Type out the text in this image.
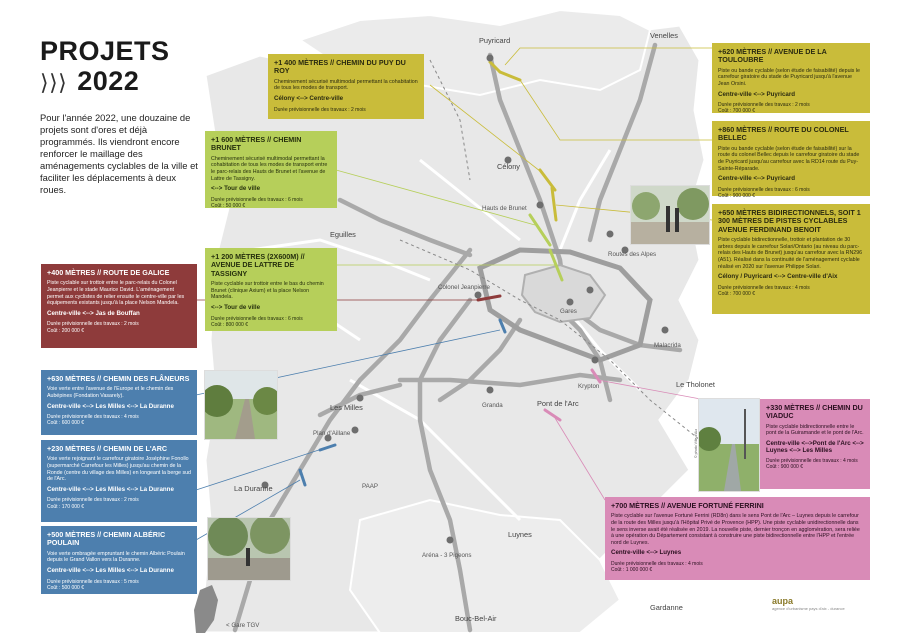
PROJETS
⟩⟩⟩ 2022
Pour l'année 2022, une douzaine de projets sont d'ores et déjà programmés. Ils viendront encore renforcer le maillage des aménagements cyclables de la ville et faciliter les déplacements à deux roues.
Puyricard
Venelles
Célony
Hauts de Brunet
Eguilles
Colonel Jeanpierre
Routes des Alpes
Gares
Malacrida
Le Tholonet
Krypton
Pont de l'Arc
Les Milles	Granda
Plan d'Aillane
La Duranne	PAAP
Luynes
Aréna - 3 Pigeons
Bouc-Bel-Air
Gardanne
< Gare TGV
+1 400 MÈTRES // CHEMIN DU PUY DU ROY
Cheminement sécurisé multimodal permettant la cohabitation de tous les modes de transport.
Célony <--> Centre-ville
Durée prévisionnelle des travaux : 2 mois
+1 600 MÈTRES // CHEMIN BRUNET
Cheminement sécurisé multimodal permettant la cohabitation de tous les modes de transport entre le parc-relais des Hauts de Brunet et l'avenue de Lattre de Tassigny.
<--> Tour de ville
Durée prévisionnelle des travaux : 6 mois
Coût : 50 000 €
+1 200 MÈTRES (2X600M) // AVENUE DE LATTRE DE TASSIGNY
Piste cyclable sur trottoir entre le bas du chemin Brunet (clinique Axium) et la place Nelson Mandela.
<--> Tour de ville
Durée prévisionnelle des travaux : 6 mois
Coût : 800 000 €
+400 MÈTRES // ROUTE DE GALICE
Piste cyclable sur trottoir entre le parc-relais du Colonel Jeanpierre et le stade Maurice David. L'aménagement permet aux cyclistes de relier ensuite le centre-ville par les équipements existants jusqu'à la place Nelson Mandela.
Centre-ville <--> Jas de Bouffan
Durée prévisionnelle des travaux : 2 mois
Coût : 200 000 €
+630 MÈTRES // CHEMIN DES FLÂNEURS
Voie verte entre l'avenue de l'Europe et le chemin des Aubépines (Fondation Vasarely).
Centre-ville <--> Les Milles <--> La Duranne
Durée prévisionnelle des travaux : 4 mois
Coût : 600 000 €
+230 MÈTRES // CHEMIN DE L'ARC
Voie verte rejoignant le carrefour giratoire Joséphine Fonollo (supermarché Carrefour les Milles) jusqu'au chemin de la Ronde (centre du village des Milles) en longeant la berge sud de l'Arc.
Centre-ville <--> Les Milles <--> La Duranne
Durée prévisionnelle des travaux : 2 mois
Coût : 170 000 €
+500 MÈTRES // CHEMIN ALBÉRIC POULAIN
Voie verte ombragée empruntant le chemin Albéric Poulain depuis le Grand Vallon vers la Duranne.
Centre-ville <--> Les Milles <--> La Duranne
Durée prévisionnelle des travaux : 5 mois
Coût : 500 000 €
+620 MÈTRES // AVENUE DE LA TOULOUBRE
Piste ou bande cyclable (selon étude de faisabilité) depuis le carrefour giratoire du stade de Puyricard jusqu'à l'avenue Jean Orsini.
Centre-ville <--> Puyricard
Durée prévisionnelle des travaux : 2 mois
Coût : 700 000 €
+860 MÈTRES // ROUTE DU COLONEL BELLEC
Piste ou bande cyclable (selon étude de faisabilité) sur la route du colonel Bellec depuis le carrefour giratoire du stade de Puyricard jusqu'au carrefour avec la RD14 route du Puy-Sainte-Réparade.
Centre-ville <--> Puyricard
Durée prévisionnelle des travaux : 6 mois
Coût : 900 000 €
+650 MÈTRES BIDIRECTIONNELS, SOIT 1 300 MÈTRES DE PISTES CYCLABLES AVENUE FERDINAND BENOIT
Piste cyclable bidirectionnelle, trottoir et plantation de 30 arbres depuis le carrefour Solari/Ontario (au niveau du parc-relais des Hauts de Brunet) jusqu'au carrefour avec la RN296 (A51). Réalisé dans la continuité de l'aménagement cyclable réalisé en 2020 sur l'avenue Philippe Solari.
Célony / Puyricard <--> Centre-ville d'Aix
Durée prévisionnelle des travaux : 4 mois
Coût : 700 000 €
+330 MÈTRES // CHEMIN DU VIADUC
Piste cyclable bidirectionnelle entre le pont de la Guiramande et le pont de l'Arc.
Centre-ville <-->Pont de l'Arc <--> Luynes <--> Les Milles
Durée prévisionnelle des travaux : 4 mois
Coût : 900 000 €
+700 MÈTRES // AVENUE FORTUNÉ FERRINI
Piste cyclable sur l'avenue Fortuné Ferrini (RD8n) dans le sens Pont de l'Arc – Luynes depuis le carrefour de la route des Milles jusqu'à l'Hôpital Privé de Provence (HPP). Une piste cyclable unidirectionnelle dans le sens inverse avait été réalisée en 2019. La nouvelle piste, dernier tronçon en agglomération, sera reliée à une opération du Département consistant à construire une piste bidirectionnelle entre l'HPP et l'entrée nord de Luynes.
Centre-ville <--> Luynes
Durée prévisionnelle des travaux : 4 mois
Coût : 1 000 000 €
© photo Ville d'Aix
aupa
agence d'urbanisme pays d'aix - durance
